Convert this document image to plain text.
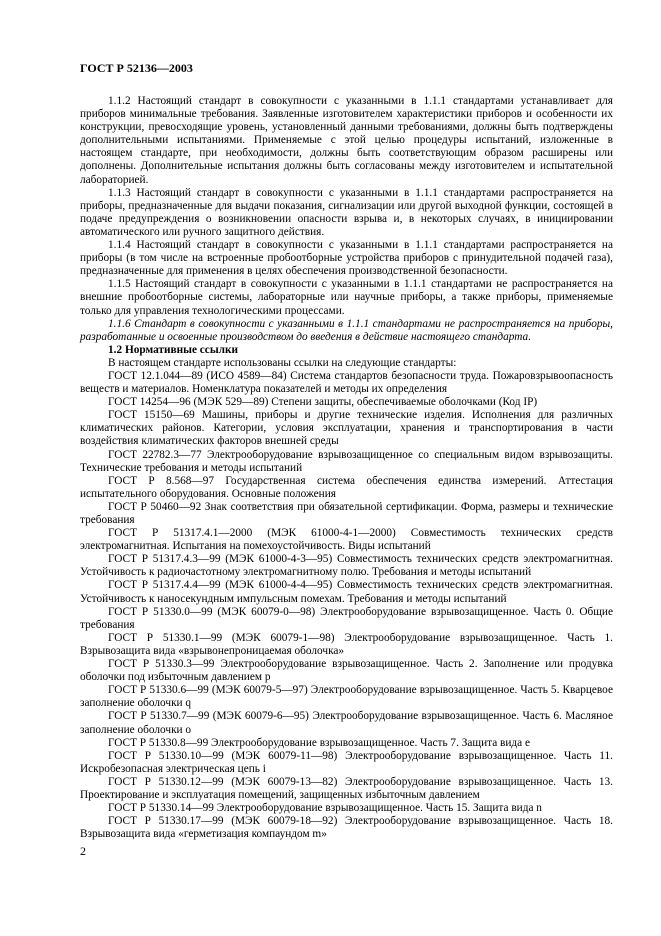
ГОСТ Р 52136—2003

1.1.2 Настоящий стандарт в совокупности с указанными в 1.1.1 стандартами устанавливает для приборов минимальные требования. Заявленные изготовителем характеристики приборов и особенности их конструкции, превосходящие уровень, установленный данными требованиями, должны быть подтверждены дополнительными испытаниями. Применяемые с этой целью процедуры испытаний, изложенные в настоящем стандарте, при необходимости, должны быть соответствующим образом расширены или дополнены. Дополнительные испытания должны быть согласованы между изготовителем и испытательной лабораторией.

1.1.3 Настоящий стандарт в совокупности с указанными в 1.1.1 стандартами распространяется на приборы, предназначенные для выдачи показания, сигнализации или другой выходной функции, состоящей в подаче предупреждения о возникновении опасности взрыва и, в некоторых случаях, в инициировании автоматического или ручного защитного действия.

1.1.4 Настоящий стандарт в совокупности с указанными в 1.1.1 стандартами распространяется на приборы (в том числе на встроенные пробоотборные устройства приборов с принудительной подачей газа), предназначенные для применения в целях обеспечения производственной безопасности.

1.1.5 Настоящий стандарт в совокупности с указанными в 1.1.1 стандартами не распространяется на внешние пробоотборные системы, лабораторные или научные приборы, а также приборы, применяемые только для управления технологическими процессами.

1.1.6 Стандарт в совокупности с указанными в 1.1.1 стандартами не распространяется на приборы, разработанные и освоенные производством до введения в действие настоящего стандарта.

1.2 Нормативные ссылки

В настоящем стандарте использованы ссылки на следующие стандарты:

ГОСТ 12.1.044—89 (ИСО 4589—84) Система стандартов безопасности труда. Пожаровзрывоопасность веществ и материалов. Номенклатура показателей и методы их определения

ГОСТ 14254—96 (МЭК 529—89) Степени защиты, обеспечиваемые оболочками (Код IP)

ГОСТ 15150—69 Машины, приборы и другие технические изделия. Исполнения для различных климатических районов. Категории, условия эксплуатации, хранения и транспортирования в части воздействия климатических факторов внешней среды

ГОСТ 22782.3—77 Электрооборудование взрывозащищенное со специальным видом взрывозащиты. Технические требования и методы испытаний

ГОСТ Р 8.568—97 Государственная система обеспечения единства измерений. Аттестация испытательного оборудования. Основные положения

ГОСТ Р 50460—92 Знак соответствия при обязательной сертификации. Форма, размеры и технические требования

ГОСТ Р 51317.4.1—2000 (МЭК 61000-4-1—2000) Совместимость технических средств электромагнитная. Испытания на помехоустойчивость. Виды испытаний

ГОСТ Р 51317.4.3—99 (МЭК 61000-4-3—95) Совместимость технических средств электромагнитная. Устойчивость к радиочастотному электромагнитному полю. Требования и методы испытаний

ГОСТ Р 51317.4.4—99 (МЭК 61000-4-4—95) Совместимость технических средств электромагнитная. Устойчивость к наносекундным импульсным помехам. Требования и методы испытаний

ГОСТ Р 51330.0—99 (МЭК 60079-0—98) Электрооборудование взрывозащищенное. Часть 0. Общие требования

ГОСТ Р 51330.1—99 (МЭК 60079-1—98) Электрооборудование взрывозащищенное. Часть 1. Взрывозащита вида «взрывонепроницаемая оболочка»

ГОСТ Р 51330.3—99 Электрооборудование взрывозащищенное. Часть 2. Заполнение или продувка оболочки под избыточным давлением p

ГОСТ Р 51330.6—99 (МЭК 60079-5—97) Электрооборудование взрывозащищенное. Часть 5. Кварцевое заполнение оболочки q

ГОСТ Р 51330.7—99 (МЭК 60079-6—95) Электрооборудование взрывозащищенное. Часть 6. Масляное заполнение оболочки o

ГОСТ Р 51330.8—99 Электрооборудование взрывозащищенное. Часть 7. Защита вида e

ГОСТ Р 51330.10—99 (МЭК 60079-11—98) Электрооборудование взрывозащищенное. Часть 11. Искробезопасная электрическая цепь i

ГОСТ Р 51330.12—99 (МЭК 60079-13—82) Электрооборудование взрывозащищенное. Часть 13. Проектирование и эксплуатация помещений, защищенных избыточным давлением

ГОСТ Р 51330.14—99 Электрооборудование взрывозащищенное. Часть 15. Защита вида n

ГОСТ Р 51330.17—99 (МЭК 60079-18—92) Электрооборудование взрывозащищенное. Часть 18. Взрывозащита вида «герметизация компаундом m»

2
